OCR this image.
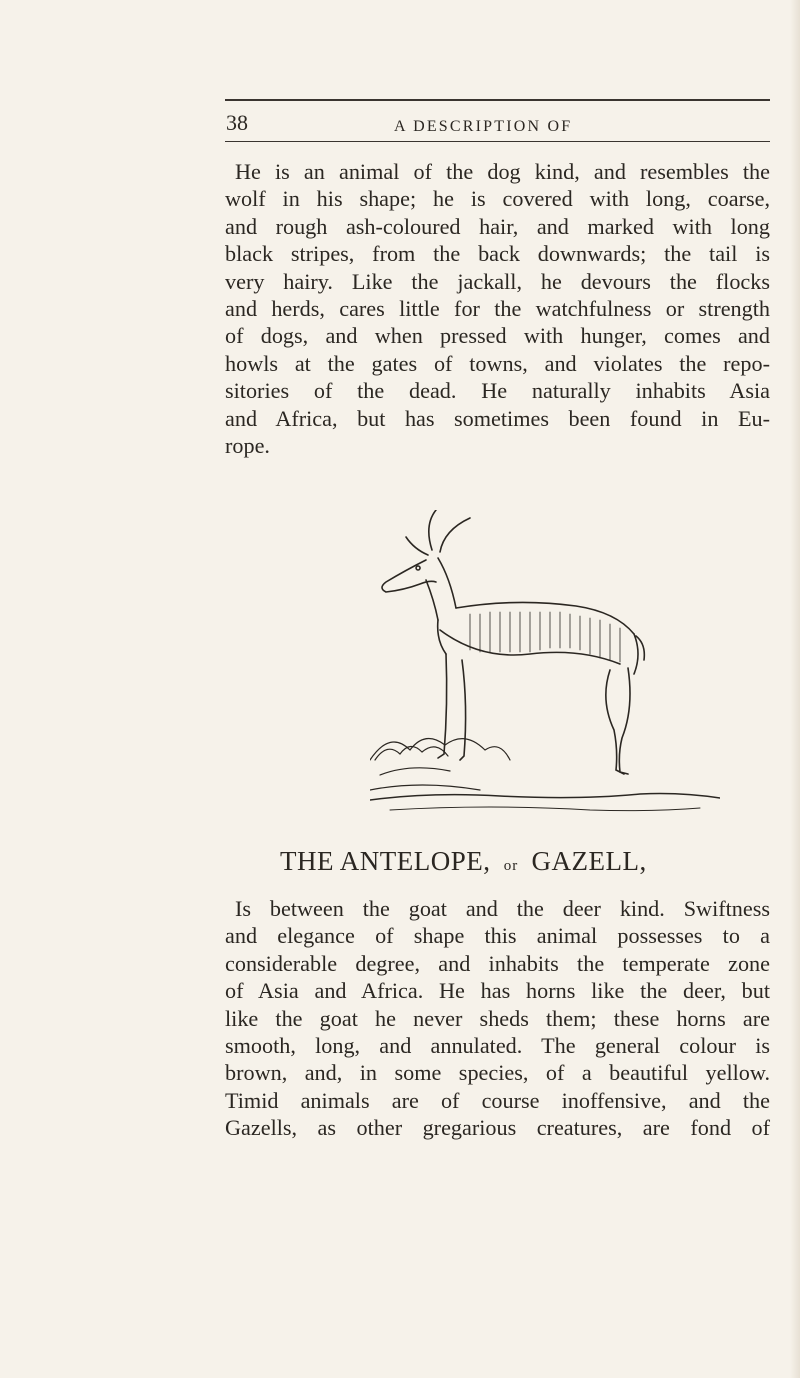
38	A DESCRIPTION OF

He is an animal of the dog kind, and resembles the
wolf in his shape; he is covered with long, coarse,
and rough ash-coloured hair, and marked with long
black stripes, from the back downwards; the tail is
very hairy. Like the jackall, he devours the flocks
and herds, cares little for the watchfulness or strength
of dogs, and when pressed with hunger, comes and
howls at the gates of towns, and violates the repo-
sitories of the dead. He naturally inhabits Asia
and Africa, but has sometimes been found in Eu-
rope.

THE ANTELOPE, or GAZELL,

Is between the goat and the deer kind. Swiftness
and elegance of shape this animal possesses to a
considerable degree, and inhabits the temperate zone
of Asia and Africa. He has horns like the deer, but
like the goat he never sheds them; these horns are
smooth, long, and annulated. The general colour is
brown, and, in some species, of a beautiful yellow.
Timid animals are of course inoffensive, and the
Gazells, as other gregarious creatures, are fond of
